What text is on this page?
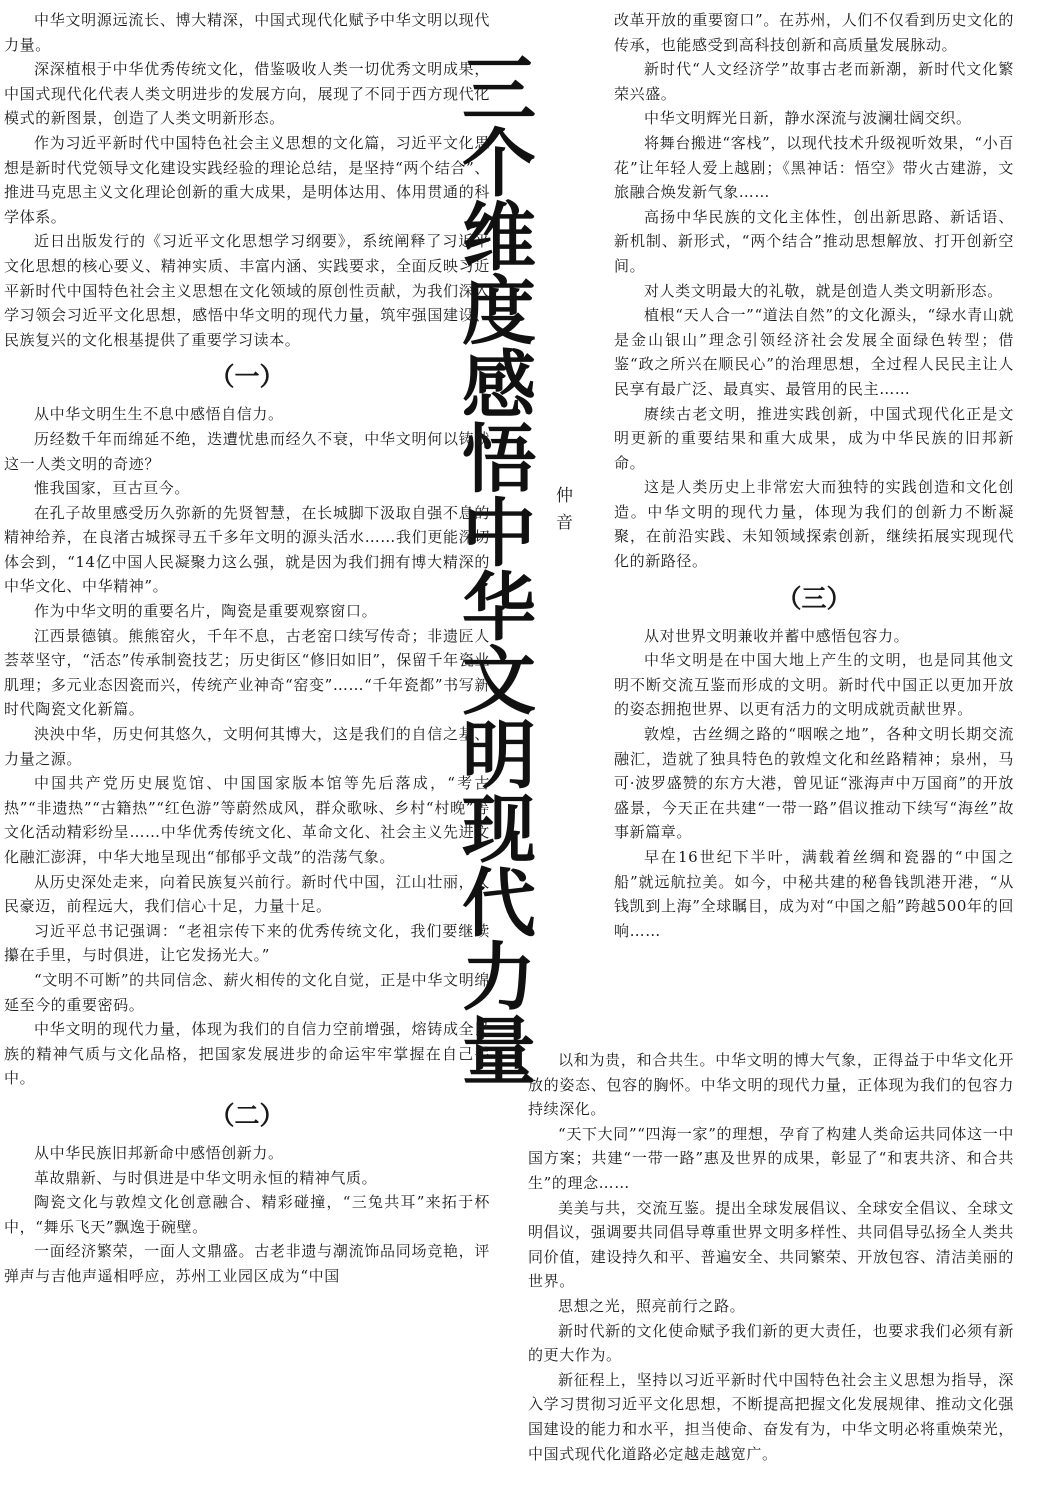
三个维度感悟中华文明现代力量 仲音

中华文明源远流长、博大精深，中国式现代化赋予中华文明以现代力量。

深深植根于中华优秀传统文化，借鉴吸收人类一切优秀文明成果，中国式现代化代表人类文明进步的发展方向，展现了不同于西方现代化模式的新图景，创造了人类文明新形态。

作为习近平新时代中国特色社会主义思想的文化篇，习近平文化思想是新时代党领导文化建设实践经验的理论总结，是坚持“两个结合”、推进马克思主义文化理论创新的重大成果，是明体达用、体用贯通的科学体系。

近日出版发行的《习近平文化思想学习纲要》，系统阐释了习近平文化思想的核心要义、精神实质、丰富内涵、实践要求，全面反映习近平新时代中国特色社会主义思想在文化领域的原创性贡献，为我们深入学习领会习近平文化思想，感悟中华文明的现代力量，筑牢强国建设、民族复兴的文化根基提供了重要学习读本。

（一）

从中华文明生生不息中感悟自信力。

历经数千年而绵延不绝，迭遭忧患而经久不衰，中华文明何以铸就这一人类文明的奇迹？

惟我国家，亘古亘今。

在孔子故里感受历久弥新的先贤智慧，在长城脚下汲取自强不息的精神给养，在良渚古城探寻五千多年文明的源头活水……我们更能深切体会到，“14亿中国人民凝聚力这么强，就是因为我们拥有博大精深的中华文化、中华精神”。

作为中华文明的重要名片，陶瓷是重要观察窗口。

江西景德镇。熊熊窑火，千年不息，古老窑口续写传奇；非遗匠人荟萃坚守，“活态”传承制瓷技艺；历史街区“修旧如旧”，保留千年瓷业肌理；多元业态因瓷而兴，传统产业神奇“窑变”……“千年瓷都”书写新时代陶瓷文化新篇。

泱泱中华，历史何其悠久，文明何其博大，这是我们的自信之基、力量之源。

中国共产党历史展览馆、中国国家版本馆等先后落成，“考古热”“非遗热”“古籍热”“红色游”等蔚然成风，群众歌咏、乡村“村晚”等文化活动精彩纷呈……中华优秀传统文化、革命文化、社会主义先进文化融汇澎湃，中华大地呈现出“郁郁乎文哉”的浩荡气象。

从历史深处走来，向着民族复兴前行。新时代中国，江山壮丽，人民豪迈，前程远大，我们信心十足，力量十足。

习近平总书记强调：“老祖宗传下来的优秀传统文化，我们要继续攥在手里，与时俱进，让它发扬光大。”

“文明不可断”的共同信念、薪火相传的文化自觉，正是中华文明绵延至今的重要密码。

中华文明的现代力量，体现为我们的自信力空前增强，熔铸成全民族的精神气质与文化品格，把国家发展进步的命运牢牢掌握在自己手中。

（二）

从中华民族旧邦新命中感悟创新力。

革故鼎新、与时俱进是中华文明永恒的精神气质。

陶瓷文化与敦煌文化创意融合、精彩碰撞，“三兔共耳”来拓于杯中，“舞乐飞天”飘逸于碗壁。

一面经济繁荣，一面人文鼎盛。古老非遗与潮流饰品同场竞艳，评弹声与吉他声遥相呼应，苏州工业园区成为“中国

改革开放的重要窗口”。在苏州，人们不仅看到历史文化的传承，也能感受到高科技创新和高质量发展脉动。

新时代“人文经济学”故事古老而新潮，新时代文化繁荣兴盛。

中华文明辉光日新，静水深流与波澜壮阔交织。

将舞台搬进“客栈”，以现代技术升级视听效果，“小百花”让年轻人爱上越剧；《黑神话：悟空》带火古建游，文旅融合焕发新气象……

高扬中华民族的文化主体性，创出新思路、新话语、新机制、新形式，“两个结合”推动思想解放、打开创新空间。

对人类文明最大的礼敬，就是创造人类文明新形态。

植根“天人合一”“道法自然”的文化源头，“绿水青山就是金山银山”理念引领经济社会发展全面绿色转型；借鉴“政之所兴在顺民心”的治理思想，全过程人民民主让人民享有最广泛、最真实、最管用的民主……

赓续古老文明，推进实践创新，中国式现代化正是文明更新的重要结果和重大成果，成为中华民族的旧邦新命。

这是人类历史上非常宏大而独特的实践创造和文化创造。中华文明的现代力量，体现为我们的创新力不断凝聚，在前沿实践、未知领域探索创新，继续拓展实现现代化的新路径。

（三）

从对世界文明兼收并蓄中感悟包容力。

中华文明是在中国大地上产生的文明，也是同其他文明不断交流互鉴而形成的文明。新时代中国正以更加开放的姿态拥抱世界、以更有活力的文明成就贡献世界。

敦煌，古丝绸之路的“咽喉之地”，各种文明长期交流融汇，造就了独具特色的敦煌文化和丝路精神；泉州，马可·波罗盛赞的东方大港，曾见证“涨海声中万国商”的开放盛景，今天正在共建“一带一路”倡议推动下续写“海丝”故事新篇章。

早在16世纪下半叶，满载着丝绸和瓷器的“中国之船”就远航拉美。如今，中秘共建的秘鲁钱凯港开港，“从钱凯到上海”全球瞩目，成为对“中国之船”跨越500年的回响……

以和为贵，和合共生。中华文明的博大气象，正得益于中华文化开放的姿态、包容的胸怀。中华文明的现代力量，正体现为我们的包容力持续深化。

“天下大同”“四海一家”的理想，孕育了构建人类命运共同体这一中国方案；共建“一带一路”惠及世界的成果，彰显了“和衷共济、和合共生”的理念……

美美与共，交流互鉴。提出全球发展倡议、全球安全倡议、全球文明倡议，强调要共同倡导尊重世界文明多样性、共同倡导弘扬全人类共同价值，建设持久和平、普遍安全、共同繁荣、开放包容、清洁美丽的世界。

思想之光，照亮前行之路。

新时代新的文化使命赋予我们新的更大责任，也要求我们必须有新的更大作为。

新征程上，坚持以习近平新时代中国特色社会主义思想为指导，深入学习贯彻习近平文化思想，不断提高把握文化发展规律、推动文化强国建设的能力和水平，担当使命、奋发有为，中华文明必将重焕荣光，中国式现代化道路必定越走越宽广。
